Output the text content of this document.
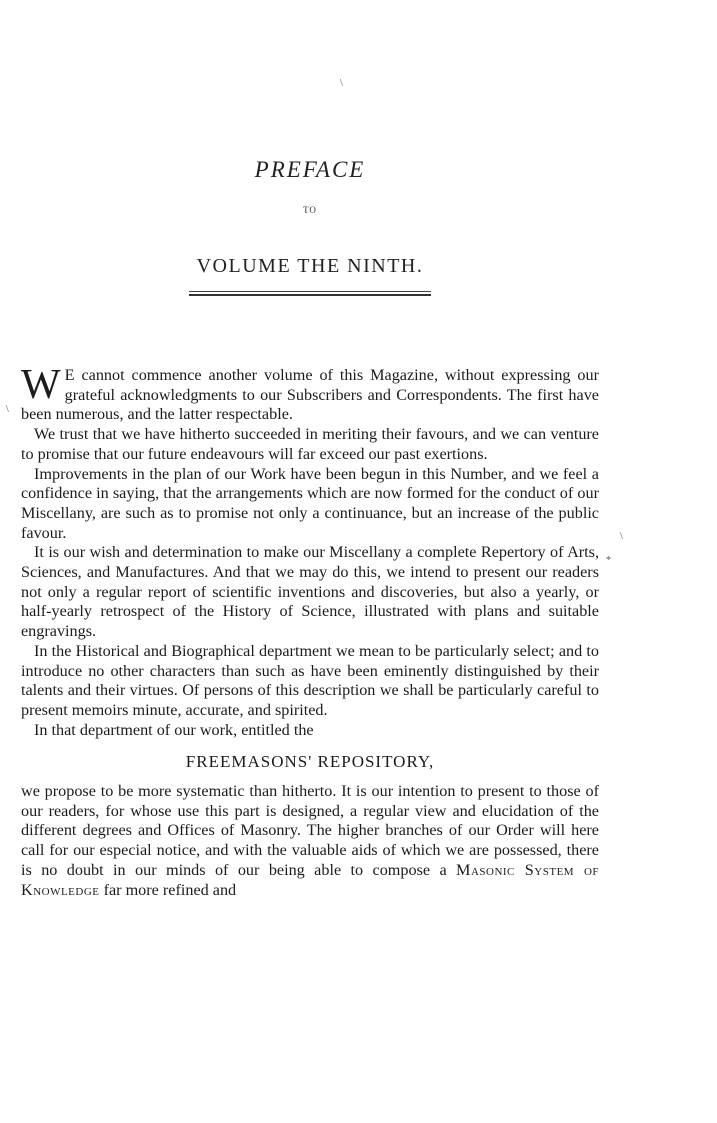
\
\
\
*
PREFACE
TO
VOLUME THE NINTH.

W E cannot commence another volume of this Magazine, without expressing our grateful acknowledgments to our Subscribers and Correspondents. The first have been numerous, and the latter respectable.

We trust that we have hitherto succeeded in meriting their favours, and we can venture to promise that our future endeavours will far exceed our past exertions.

Improvements in the plan of our Work have been begun in this Number, and we feel a confidence in saying, that the arrangements which are now formed for the conduct of our Miscellany, are such as to promise not only a continuance, but an increase of the public favour.

It is our wish and determination to make our Miscellany a complete Repertory of Arts, Sciences, and Manufactures. And that we may do this, we intend to present our readers not only a regular report of scientific inventions and discoveries, but also a yearly, or half-yearly retrospect of the History of Science, illustrated with plans and suitable engravings.

In the Historical and Biographical department we mean to be particularly select; and to introduce no other characters than such as have been eminently distinguished by their talents and their virtues. Of persons of this description we shall be particularly careful to present memoirs minute, accurate, and spirited.

In that department of our work, entitled the

FREEMASONS' REPOSITORY,

we propose to be more systematic than hitherto. It is our intention to present to those of our readers, for whose use this part is designed, a regular view and elucidation of the different degrees and Offices of Masonry. The higher branches of our Order will here call for our especial notice, and with the valuable aids of which we are possessed, there is no doubt in our minds of our being able to compose a Masonic System of Knowledge far more refined and
